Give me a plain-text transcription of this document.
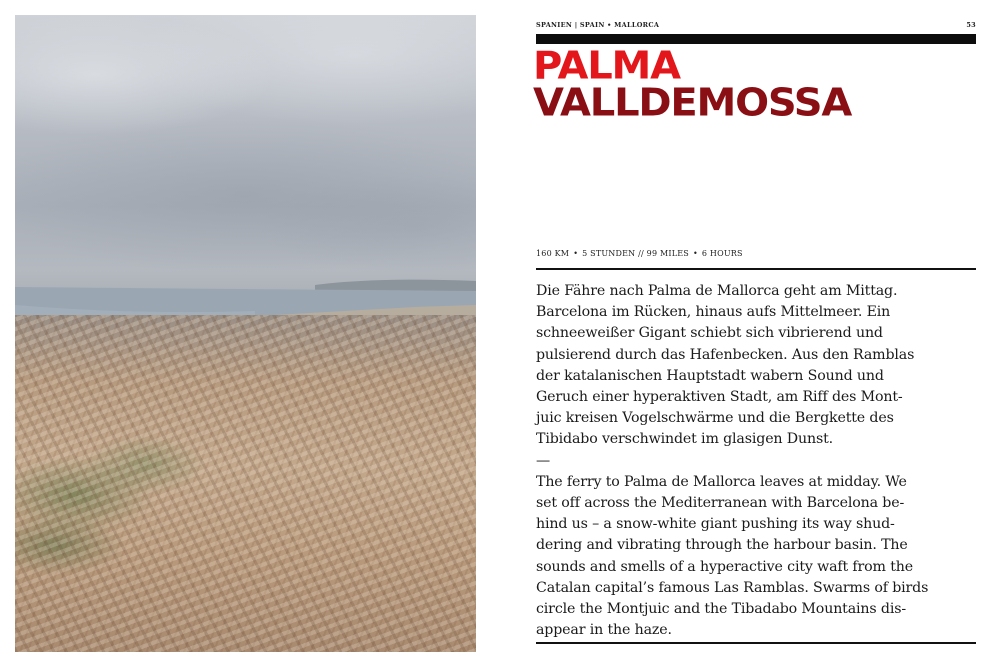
SPANIEN | SPAIN • MALLORCA	53
PALMA
VALLDEMOSSA
160 KM • 5 STUNDEN // 99 MILES • 6 HOURS
Die Fähre nach Palma de Mallorca geht am Mittag.
Barcelona im Rücken, hinaus aufs Mittelmeer. Ein
schneeweißer Gigant schiebt sich vibrierend und
pulsierend durch das Hafenbecken. Aus den Ramblas
der katalanischen Hauptstadt wabern Sound und
Geruch einer hyperaktiven Stadt, am Riff des Mont-
juic kreisen Vogelschwärme und die Bergkette des
Tibidabo verschwindet im glasigen Dunst.
—
The ferry to Palma de Mallorca leaves at midday. We
set off across the Mediterranean with Barcelona be-
hind us – a snow-white giant pushing its way shud-
dering and vibrating through the harbour basin. The
sounds and smells of a hyperactive city waft from the
Catalan capital’s famous Las Ramblas. Swarms of birds
circle the Montjuic and the Tibadabo Mountains dis-
appear in the haze.
